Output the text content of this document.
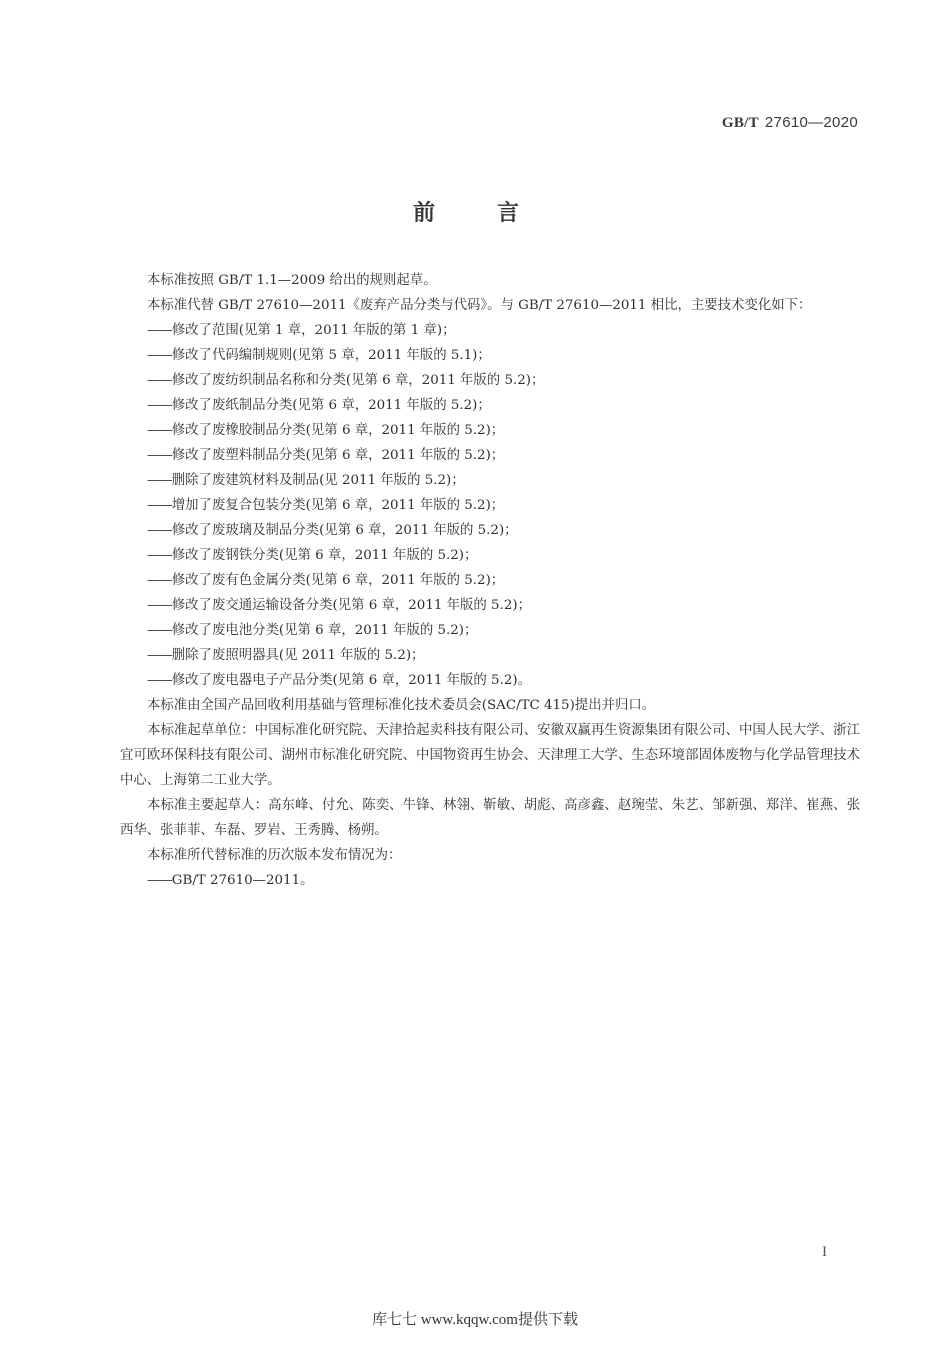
GB/T 27610—2020
前言

本标准按照 GB/T 1.1—2009 给出的规则起草。

本标准代替 GB/T 27610—2011《废弃产品分类与代码》。与 GB/T 27610—2011 相比，主要技术变化如下：

——修改了范围(见第 1 章，2011 年版的第 1 章)；

——修改了代码编制规则(见第 5 章，2011 年版的 5.1)；

——修改了废纺织制品名称和分类(见第 6 章，2011 年版的 5.2)；

——修改了废纸制品分类(见第 6 章，2011 年版的 5.2)；

——修改了废橡胶制品分类(见第 6 章，2011 年版的 5.2)；

——修改了废塑料制品分类(见第 6 章，2011 年版的 5.2)；

——删除了废建筑材料及制品(见 2011 年版的 5.2)；

——增加了废复合包装分类(见第 6 章，2011 年版的 5.2)；

——修改了废玻璃及制品分类(见第 6 章，2011 年版的 5.2)；

——修改了废钢铁分类(见第 6 章，2011 年版的 5.2)；

——修改了废有色金属分类(见第 6 章，2011 年版的 5.2)；

——修改了废交通运输设备分类(见第 6 章，2011 年版的 5.2)；

——修改了废电池分类(见第 6 章，2011 年版的 5.2)；

——删除了废照明器具(见 2011 年版的 5.2)；

——修改了废电器电子产品分类(见第 6 章，2011 年版的 5.2)。

本标准由全国产品回收利用基础与管理标准化技术委员会(SAC/TC 415)提出并归口。

本标准起草单位：中国标准化研究院、天津拾起卖科技有限公司、安徽双赢再生资源集团有限公司、中国人民大学、浙江宜可欧环保科技有限公司、湖州市标准化研究院、中国物资再生协会、天津理工大学、生态环境部固体废物与化学品管理技术中心、上海第二工业大学。

本标准主要起草人：高东峰、付允、陈奕、牛锋、林翎、靳敏、胡彪、高彦鑫、赵琬莹、朱艺、邹新强、郑洋、崔燕、张西华、张菲菲、车磊、罗岩、王秀腾、杨朔。

本标准所代替标准的历次版本发布情况为：

——GB/T 27610—2011。

I
库七七 www.kqqw.com提供下载
